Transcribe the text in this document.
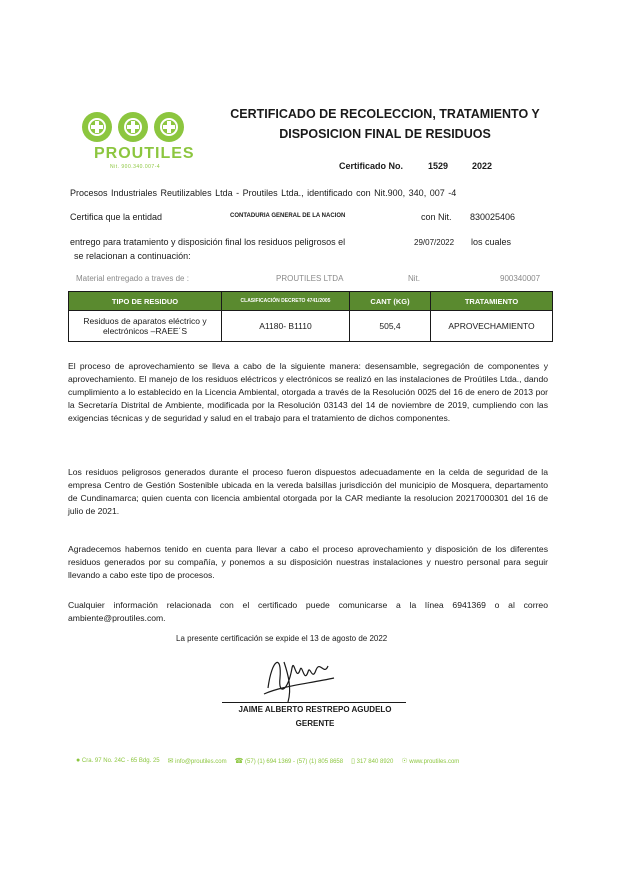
PROUTILES
Nit. 900.340.007-4
CERTIFICADO DE RECOLECCION, TRATAMIENTO Y
DISPOSICION FINAL DE RESIDUOS
Certificado No.	1529	2022
Procesos Industriales Reutilizables Ltda - Proutiles Ltda., identificado con Nit.900, 340, 007 -4
Certifica que la entidad	CONTADURIA GENERAL DE LA NACION	con Nit. 830025406
entrego para tratamiento y disposición final los residuos peligrosos el	29/07/2022 los cuales
se relacionan a continuación:
Material entregado a traves de :	PROUTILES LTDA	Nit.	900340007
TIPO DE RESIDUO	CLASIFICACIÓN DECRETO 4741/2005	CANT (KG)	TRATAMIENTO
Residuos de aparatos eléctrico y electrónicos –RAEE´S	A1180- B1110	505,4	APROVECHAMIENTO
El proceso de aprovechamiento se lleva a cabo de la siguiente manera: desensamble, segregación de componentes y aprovechamiento. El manejo de los residuos eléctricos y electrónicos se realizó en las instalaciones de Proútiles Ltda., dando cumplimiento a lo establecido en la Licencia Ambiental, otorgada a través de la Resolución 0025 del 16 de enero de 2013 por la Secretaría Distrital de Ambiente, modificada por la Resolución 03143 del 14 de noviembre de 2019, cumpliendo con las exigencias técnicas y de seguridad y salud en el trabajo para el tratamiento de dichos componentes.
Los residuos peligrosos generados durante el proceso fueron dispuestos adecuadamente en la celda de seguridad de la empresa Centro de Gestión Sostenible ubicada en la vereda balsillas jurisdicción del municipio de Mosquera, departamento de Cundinamarca; quien cuenta con licencia ambiental otorgada por la CAR mediante la resolucion 20217000301 del 16 de julio de 2021.
Agradecemos habernos tenido en cuenta para llevar a cabo el proceso aprovechamiento y disposición de los diferentes residuos generados por su compañía, y ponemos a su disposición nuestras instalaciones y nuestro personal para seguir llevando a cabo este tipo de procesos.
Cualquier información relacionada con el certificado puede comunicarse a la línea 6941369 o al correo ambiente@proutiles.com.
La presente certificación se expide el 13 de agosto de 2022
JAIME ALBERTO RESTREPO AGUDELO
GERENTE
● Cra. 97 No. 24C - 65 Bdg. 25 ✉ info@proutiles.com ☎ (57) (1) 694 1369 - (57) (1) 805 8658 ▯ 317 840 8920 ☉ www.proutiles.com
